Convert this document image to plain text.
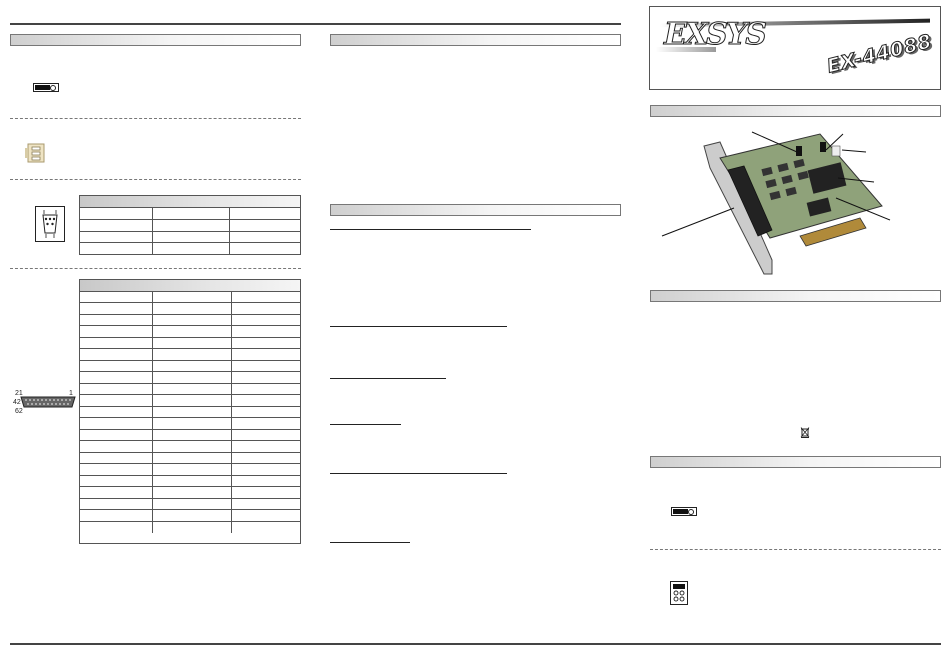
21	1
42
62
EXSYS	EX-44088
